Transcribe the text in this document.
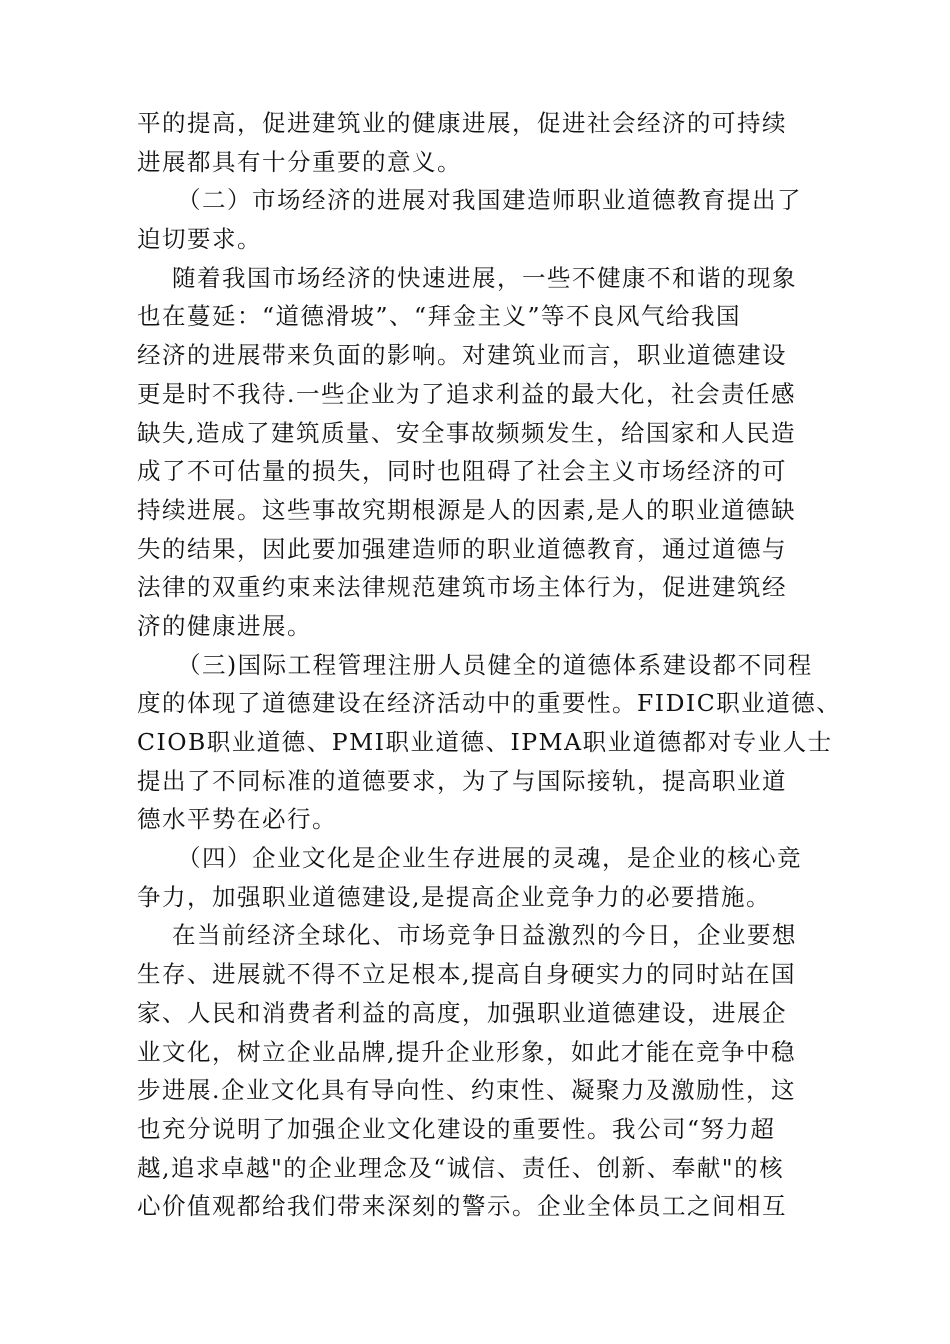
平的提高，促进建筑业的健康进展，促进社会经济的可持续
进展都具有十分重要的意义。
（二）市场经济的进展对我国建造师职业道德教育提出了
迫切要求。
随着我国市场经济的快速进展，一些不健康不和谐的现象
也在蔓延：“道德滑坡”、“拜金主义”等不良风气给我国
经济的进展带来负面的影响。对建筑业而言，职业道德建设
更是时不我待.一些企业为了追求利益的最大化，社会责任感
缺失,造成了建筑质量、安全事故频频发生，给国家和人民造
成了不可估量的损失，同时也阻碍了社会主义市场经济的可
持续进展。这些事故究期根源是人的因素,是人的职业道德缺
失的结果，因此要加强建造师的职业道德教育，通过道德与
法律的双重约束来法律规范建筑市场主体行为，促进建筑经
济的健康进展。
（三)国际工程管理注册人员健全的道德体系建设都不同程
度的体现了道德建设在经济活动中的重要性。FIDIC职业道德、
CIOB职业道德、PMI职业道德、IPMA职业道德都对专业人士
提出了不同标准的道德要求，为了与国际接轨，提高职业道
德水平势在必行。
（四）企业文化是企业生存进展的灵魂，是企业的核心竞
争力，加强职业道德建设,是提高企业竞争力的必要措施。
在当前经济全球化、市场竞争日益激烈的今日，企业要想
生存、进展就不得不立足根本,提高自身硬实力的同时站在国
家、人民和消费者利益的高度，加强职业道德建设，进展企
业文化，树立企业品牌,提升企业形象，如此才能在竞争中稳
步进展.企业文化具有导向性、约束性、凝聚力及激励性，这
也充分说明了加强企业文化建设的重要性。我公司“努力超
越,追求卓越"的企业理念及“诚信、责任、创新、奉献"的核
心价值观都给我们带来深刻的警示。企业全体员工之间相互
